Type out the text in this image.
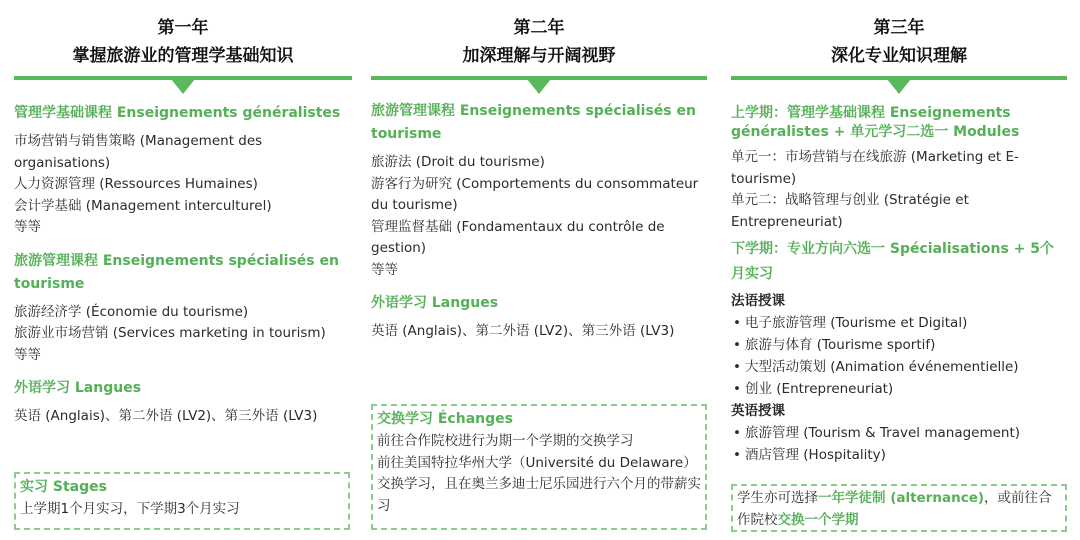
第一年
掌握旅游业的管理学基础知识
管理学基础课程 Enseignements généralistes
市场营销与销售策略 (Management des organisations)
人力资源管理 (Ressources Humaines)
会计学基础 (Management interculturel)
等等
旅游管理课程 Enseignements spécialisés en tourisme
旅游经济学 (Économie du tourisme)
旅游业市场营销 (Services marketing in tourism)
等等
外语学习 Langues
英语 (Anglais)、第二外语 (LV2)、第三外语 (LV3)
实习 Stages
上学期1个月实习，下学期3个月实习
第二年
加深理解与开阔视野
旅游管理课程 Enseignements spécialisés en tourisme
旅游法 (Droit du tourisme)
游客行为研究 (Comportements du consommateur du tourisme)
管理监督基础 (Fondamentaux du contrôle de gestion)
等等
外语学习 Langues
英语 (Anglais)、第二外语 (LV2)、第三外语 (LV3)
交换学习 Échanges
前往合作院校进行为期一个学期的交换学习
前往美国特拉华州大学（Université du Delaware）交换学习，且在奥兰多迪士尼乐园进行六个月的带薪实习
第三年
深化专业知识理解
上学期：管理学基础课程 Enseignements généralistes + 单元学习二选一 Modules
单元一：市场营销与在线旅游 (Marketing et E-tourisme)
单元二：战略管理与创业 (Stratégie et Entrepreneuriat)
下学期：专业方向六选一 Spécialisations + 5个月实习
法语授课
• 电子旅游管理 (Tourisme et Digital)
• 旅游与体育 (Tourisme sportif)
• 大型活动策划 (Animation événementielle)
• 创业 (Entrepreneuriat)
英语授课
• 旅游管理 (Tourism & Travel management)
• 酒店管理 (Hospitality)
学生亦可选择一年学徒制 (alternance)，或前往合作院校交换一个学期
